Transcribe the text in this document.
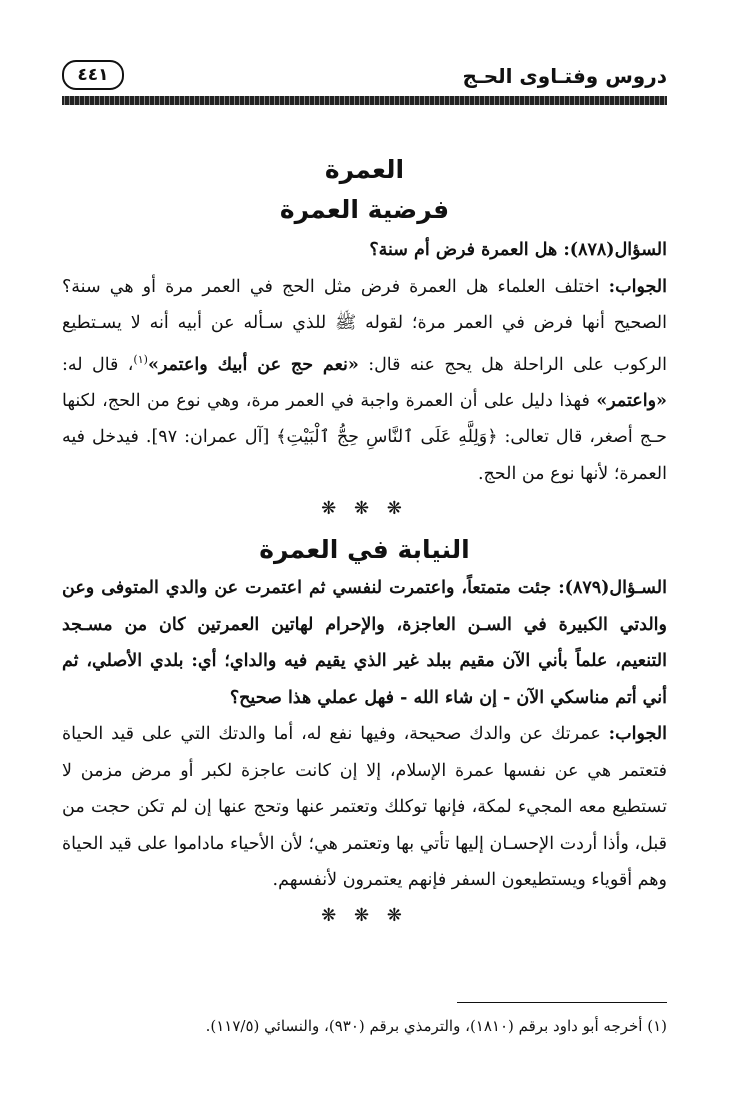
دروس وفتـاوى الحـج
٤٤١
العمرة
فرضية العمرة

السؤال(٨٧٨): هل العمرة فرض أم سنة؟

الجواب: اختلف العلماء هل العمرة فرض مثل الحج في العمر مرة أو هي سنة؟ الصحيح أنها فرض في العمر مرة؛ لقوله ﷺ للذي سـأله عن أبيه أنه لا يسـتطيع الركوب على الراحلة هل يحج عنه قال: «نعم حج عن أبيك واعتمر»$^{(١)}$، قال له: «واعتمر» فهذا دليل على أن العمرة واجبة في العمر مرة، وهي نوع من الحج، لكنها حـج أصغر، قال تعالى: ﴿وَلِلَّهِ عَلَى ٱلنَّاسِ حِجُّ ٱلْبَيْتِ﴾ [آل عمران: ٩٧]. فيدخل فيه العمرة؛ لأنها نوع من الحج.

❋ ❋ ❋
النيابة في العمرة

السـؤال(٨٧٩): جئت متمتعاً، واعتمرت لنفسي ثم اعتمرت عن والدي المتوفى وعن والدتي الكبيرة في السـن العاجزة، والإحرام لهاتين العمرتين كان من مسـجد التنعيم، علماً بأني الآن مقيم ببلد غير الذي يقيم فيه والداي؛ أي: بلدي الأصلي، ثم أني أتم مناسكي الآن - إن شاء الله - فهل عملي هذا صحيح؟

الجواب: عمرتك عن والدك صحيحة، وفيها نفع له، أما والدتك التي على قيد الحياة فتعتمر هي عن نفسها عمرة الإسلام، إلا إن كانت عاجزة لكبر أو مرض مزمن لا تستطيع معه المجيء لمكة، فإنها توكلك وتعتمر عنها وتحج عنها إن لم تكن حجت من قبل، وأذا أردت الإحسـان إليها تأتي بها وتعتمر هي؛ لأن الأحياء ماداموا على قيد الحياة وهم أقوياء ويستطيعون السفر فإنهم يعتمرون لأنفسهم.

❋ ❋ ❋
(١) أخرجه أبو داود برقم (١٨١٠)، والترمذي برقم (٩٣٠)، والنسائي (١١٧/٥).
